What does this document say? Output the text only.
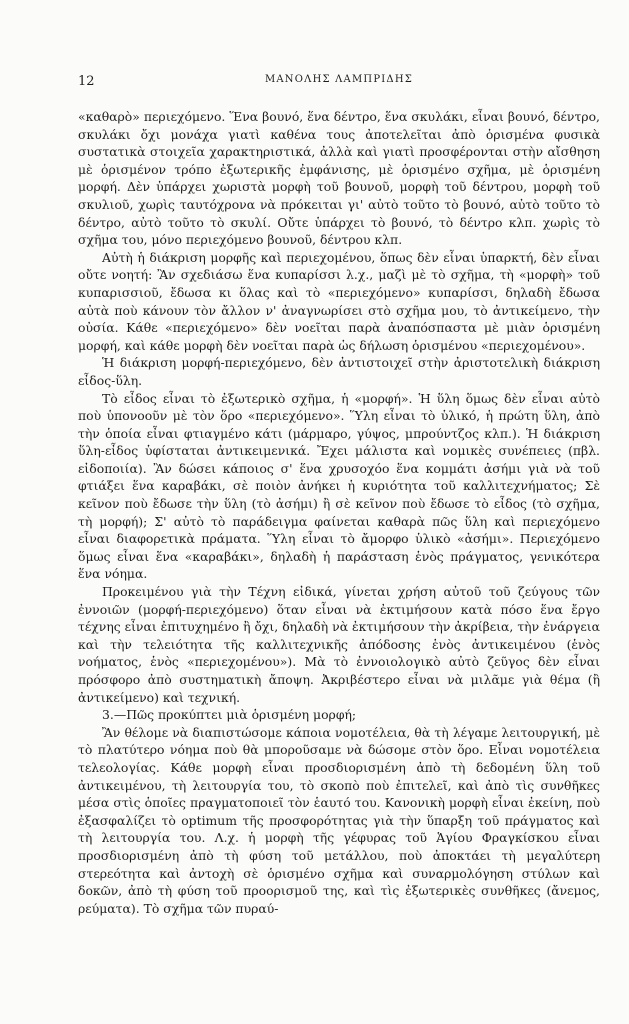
12	ΜΑΝΟΛΗΣ ΛΑΜΠΡΙΔΗΣ

«καθαρὸ» περιεχόμενο. Ἕνα βουνό, ἕνα δέντρο, ἕνα σκυλάκι, εἶναι βουνό, δέντρο, σκυλάκι ὄχι μονάχα γιατὶ καθένα τους ἀποτελεῖται ἀπὸ ὁρισμένα φυσικὰ συστατικὰ στοιχεῖα χαρακτηριστικά, ἀλλὰ καὶ γιατὶ προσφέρονται στὴν αἴσθηση μὲ ὁρισμένον τρόπο ἐξωτερικῆς ἐμφάνισης, μὲ ὁρισμένο σχῆμα, μὲ ὁρισμένη μορφή. Δὲν ὑπάρχει χωριστὰ μορφὴ τοῦ βουνοῦ, μορφὴ τοῦ δέντρου, μορφὴ τοῦ σκυλιοῦ, χωρὶς ταυτόχρονα νὰ πρόκειται γι' αὐτὸ τοῦτο τὸ βουνό, αὐτὸ τοῦτο τὸ δέντρο, αὐτὸ τοῦτο τὸ σκυλί. Οὔτε ὑπάρχει τὸ βουνό, τὸ δέντρο κλπ. χωρὶς τὸ σχῆμα του, μόνο περιεχόμενο βουνοῦ, δέντρου κλπ.

Αὐτὴ ἡ διάκριση μορφῆς καὶ περιεχομένου, ὅπως δὲν εἶναι ὑπαρκτή, δὲν εἶναι οὔτε νοητή: Ἂν σχεδιάσω ἕνα κυπαρίσσι λ.χ., μαζὶ μὲ τὸ σχῆμα, τὴ «μορφὴ» τοῦ κυπαρισσιοῦ, ἔδωσα κι ὅλας καὶ τὸ «περιεχόμενο» κυπαρίσσι, δηλαδὴ ἔδωσα αὐτὰ ποὺ κάνουν τὸν ἄλλον ν' ἀναγνωρίσει στὸ σχῆμα μου, τὸ ἀντικείμενο, τὴν οὐσία. Κάθε «περιεχόμενο» δὲν νοεῖται παρὰ ἀναπόσπαστα μὲ μιὰν ὁρισμένη μορφή, καὶ κάθε μορφὴ δὲν νοεῖται παρὰ ὡς δήλωση ὁρισμένου «περιεχομένου».

Ἡ διάκριση μορφή-περιεχόμενο, δὲν ἀντιστοιχεῖ στὴν ἀριστοτελικὴ διάκριση εἶδος-ὕλη.

Τὸ εἶδος εἶναι τὸ ἐξωτερικὸ σχῆμα, ἡ «μορφή». Ἡ ὕλη ὅμως δὲν εἶναι αὐτὸ ποὺ ὑπονοοῦν μὲ τὸν ὅρο «περιεχόμενο». Ὕλη εἶναι τὸ ὑλικό, ἡ πρώτη ὕλη, ἀπὸ τὴν ὁποία εἶναι φτιαγμένο κάτι (μάρμαρο, γύψος, μπρούντζος κλπ.). Ἡ διάκριση ὕλη-εἶδος ὑφίσταται ἀντικειμενικά. Ἔχει μάλιστα καὶ νομικὲς συνέπειες (πβλ. εἰδοποιία). Ἂν δώσει κάποιος σ' ἕνα χρυσοχόο ἕνα κομμάτι ἀσήμι γιὰ νὰ τοῦ φτιάξει ἕνα καραβάκι, σὲ ποιὸν ἀνήκει ἡ κυριότητα τοῦ καλλιτεχνήματος; Σὲ κεῖνον ποὺ ἔδωσε τὴν ὕλη (τὸ ἀσήμι) ἢ σὲ κεῖνον ποὺ ἔδωσε τὸ εἶδος (τὸ σχῆμα, τὴ μορφή); Σ' αὐτὸ τὸ παράδειγμα φαίνεται καθαρὰ πῶς ὕλη καὶ περιεχόμενο εἶναι διαφορετικὰ πράματα. Ὕλη εἶναι τὸ ἄμορφο ὑλικὸ «ἀσήμι». Περιεχόμενο ὅμως εἶναι ἕνα «καραβάκι», δηλαδὴ ἡ παράσταση ἑνὸς πράγματος, γενικότερα ἕνα νόημα.

Προκειμένου γιὰ τὴν Τέχνη εἰδικά, γίνεται χρήση αὐτοῦ τοῦ ζεύγους τῶν ἐννοιῶν (μορφή-περιεχόμενο) ὅταν εἶναι νὰ ἐκτιμήσουν κατὰ πόσο ἕνα ἔργο τέχνης εἶναι ἐπιτυχημένο ἢ ὄχι, δηλαδὴ νὰ ἐκτιμήσουν τὴν ἀκρίβεια, τὴν ἐνάργεια καὶ τὴν τελειότητα τῆς καλλιτεχνικῆς ἀπόδοσης ἑνὸς ἀντικειμένου (ἑνὸς νοήματος, ἑνὸς «περιεχομένου»). Μὰ τὸ ἐννοιολογικὸ αὐτὸ ζεῦγος δὲν εἶναι πρόσφορο ἀπὸ συστηματικὴ ἄποψη. Ἀκριβέστερο εἶναι νὰ μιλᾶμε γιὰ θέμα (ἢ ἀντικείμενο) καὶ τεχνική.

3.—Πῶς προκύπτει μιὰ ὁρισμένη μορφή;

Ἂν θέλομε νὰ διαπιστώσομε κάποια νομοτέλεια, θὰ τὴ λέγαμε λειτουργική, μὲ τὸ πλατύτερο νόημα ποὺ θὰ μποροῦσαμε νὰ δώσομε στὸν ὅρο. Εἶναι νομοτέλεια τελεολογίας. Κάθε μορφὴ εἶναι προσδιορισμένη ἀπὸ τὴ δεδομένη ὕλη τοῦ ἀντικειμένου, τὴ λειτουργία του, τὸ σκοπὸ ποὺ ἐπιτελεῖ, καὶ ἀπὸ τὶς συνθῆκες μέσα στὶς ὁποῖες πραγματοποιεῖ τὸν ἑαυτό του. Κανονικὴ μορφὴ εἶναι ἐκείνη, ποὺ ἐξασφαλίζει τὸ optimum τῆς προσφορότητας γιὰ τὴν ὕπαρξη τοῦ πράγματος καὶ τὴ λειτουργία του. Λ.χ. ἡ μορφὴ τῆς γέφυρας τοῦ Ἁγίου Φραγκίσκου εἶναι προσδιορισμένη ἀπὸ τὴ φύση τοῦ μετάλλου, ποὺ ἀποκτάει τὴ μεγαλύτερη στερεότητα καὶ ἀντοχὴ σὲ ὁρισμένο σχῆμα καὶ συναρμολόγηση στύλων καὶ δοκῶν, ἀπὸ τὴ φύση τοῦ προορισμοῦ της, καὶ τὶς ἐξωτερικὲς συνθῆκες (ἄνεμος, ρεύματα). Τὸ σχῆμα τῶν πυραύ-
